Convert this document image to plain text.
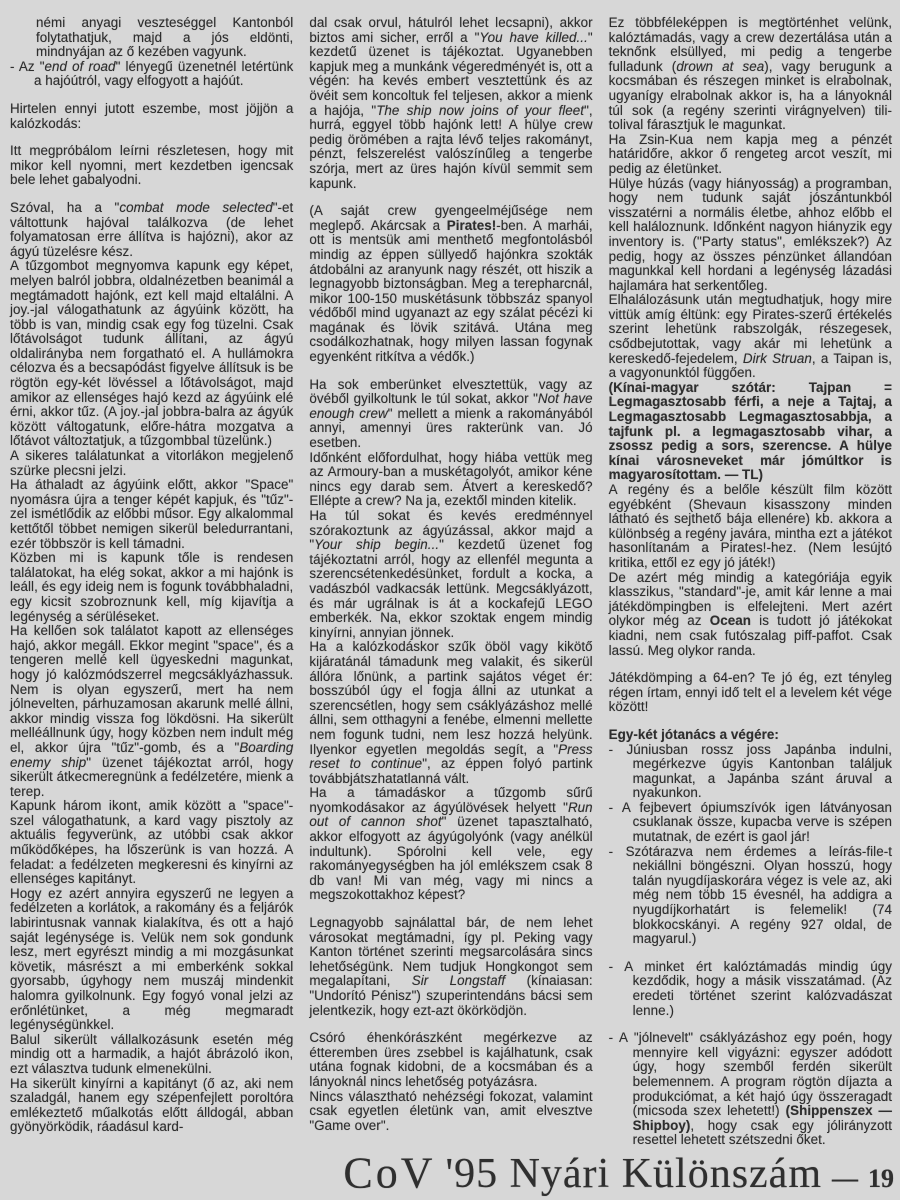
némi anyagi veszteséggel Kantonból folytathatjuk, majd a jós eldönti, mindnyájan az ő kezében vagyunk.

- Az "end of road" lényegű üzenetnél letértünk a hajóútról, vagy elfogyott a hajóút.

Hirtelen ennyi jutott eszembe, most jöjjön a kalózkodás:

Itt megpróbálom leírni részletesen, hogy mit mikor kell nyomni, mert kezdetben igencsak bele lehet gabalyodni.

Szóval, ha a "combat mode selected"-et váltottunk hajóval találkozva (de lehet folyamatosan erre állítva is hajózni), akor az ágyú tüzelésre kész.

A tűzgombot megnyomva kapunk egy képet, melyen balról jobbra, oldalnézetben beanimál a megtámadott hajónk, ezt kell majd eltalálni. A joy.-jal válogathatunk az ágyúink között, ha több is van, mindig csak egy fog tüzelni. Csak lőtávolságot tudunk állítani, az ágyú oldalirányba nem forgatható el. A hullámokra célozva és a becsapódást figyelve állítsuk is be rögtön egy-két lövéssel a lőtávolságot, majd amikor az ellenséges hajó kezd az ágyúink elé érni, akkor tűz. (A joy.-jal jobbra-balra az ágyúk között váltogatunk, előre-hátra mozgatva a lőtávot változtatjuk, a tűzgombbal tüzelünk.)

A sikeres találatunkat a vitorlákon megjelenő szürke plecsni jelzi.

Ha áthaladt az ágyúink előtt, akkor "Space" nyomásra újra a tenger képét kapjuk, és "tűz"-zel ismétlődik az előbbi műsor. Egy alkalommal kettőtől többet nemigen sikerül beledurrantani, ezér többször is kell támadni.

Közben mi is kapunk tőle is rendesen találatokat, ha elég sokat, akkor a mi hajónk is leáll, és egy ideig nem is fogunk továbbhaladni, egy kicsit szobroznunk kell, míg kijavítja a legénység a sérüléseket.

Ha kellően sok találatot kapott az ellenséges hajó, akkor megáll. Ekkor megint "space", és a tengeren mellé kell ügyeskedni magunkat, hogy jó kalózmódszerrel megcsáklyázhassuk. Nem is olyan egyszerű, mert ha nem jólnevelten, párhuzamosan akarunk mellé állni, akkor mindig vissza fog lökdösni. Ha sikerült melléállnunk úgy, hogy közben nem indult még el, akkor újra "tűz"-gomb, és a "Boarding enemy ship" üzenet tájékoztat arról, hogy sikerült átkecmeregnünk a fedélzetére, mienk a terep.

Kapunk három ikont, amik között a "space"-szel válogathatunk, a kard vagy pisztoly az aktuális fegyverünk, az utóbbi csak akkor működőképes, ha lőszerünk is van hozzá. A feladat: a fedélzeten megkeresni és kinyírni az ellenséges kapitányt.

Hogy ez azért annyira egyszerű ne legyen a fedélzeten a korlátok, a rakomány és a feljárók labirintusnak vannak kialakítva, és ott a hajó saját legénysége is. Velük nem sok gondunk lesz, mert egyrészt mindig a mi mozgásunkat követik, másrészt a mi emberkénk sokkal gyorsabb, úgyhogy nem muszáj mindenkit halomra gyilkolnunk. Egy fogyó vonal jelzi az erőnlétünket, a még megmaradt legénységünkkel.

Balul sikerült vállalkozásunk esetén még mindig ott a harmadik, a hajót ábrázoló ikon, ezt választva tudunk elmenekülni.

Ha sikerült kinyírni a kapitányt (ő az, aki nem szaladgál, hanem egy szépenfejlett poroltóra emlékeztető műalkotás előtt álldogál, abban gyönyörködik, ráadásul kard-

dal csak orvul, hátulról lehet lecsapni), akkor biztos ami sicher, erről a "You have killed..." kezdetű üzenet is tájékoztat. Ugyanebben kapjuk meg a munkánk végeredményét is, ott a végén: ha kevés embert vesztettünk és az övéit sem koncoltuk fel teljesen, akkor a mienk a hajója, "The ship now joins of your fleet", hurrá, eggyel több hajónk lett! A hülye crew pedig örömében a rajta lévő teljes rakományt, pénzt, felszerelést valószínűleg a tengerbe szórja, mert az üres hajón kívül semmit sem kapunk.

(A saját crew gyengeelméjűsége nem meglepő. Akárcsak a Pirates!-ben. A marhái, ott is mentsük ami menthető megfontolásból mindig az éppen süllyedő hajónkra szokták átdobálni az aranyunk nagy részét, ott hiszik a legnagyobb biztonságban. Meg a terepharcnál, mikor 100-150 muskétásunk többszáz spanyol védőből mind ugyanazt az egy szálat pécézi ki magának és lövik szitává. Utána meg csodálkozhatnak, hogy milyen lassan fogynak egyenként ritkítva a védők.)

Ha sok emberünket elvesztettük, vagy az övéből gyilkoltunk le túl sokat, akkor "Not have enough crew" mellett a mienk a rakományából annyi, amennyi üres rakterünk van. Jó esetben.

Időnként előfordulhat, hogy hiába vettük meg az Armoury-ban a muskétagolyót, amikor kéne nincs egy darab sem. Átvert a kereskedő? Ellépte a crew? Na ja, ezektől minden kitelik.

Ha túl sokat és kevés eredménnyel szórakoztunk az ágyúzással, akkor majd a "Your ship begin..." kezdetű üzenet fog tájékoztatni arról, hogy az ellenfél megunta a szerencsétenkedésünket, fordult a kocka, a vadászból vadkacsák lettünk. Megcsáklyázott, és már ugrálnak is át a kockafejű LEGO emberkék. Na, ekkor szoktak engem mindig kinyírni, annyian jönnek.

Ha a kalózkodáskor szűk öböl vagy kikötő kijáratánál támadunk meg valakit, és sikerül állóra lőnünk, a partink sajátos véget ér: bosszúból úgy el fogja állni az utunkat a szerencsétlen, hogy sem csáklyázáshoz mellé állni, sem otthagyni a fenébe, elmenni mellette nem fogunk tudni, nem lesz hozzá helyünk. Ilyenkor egyetlen megoldás segít, a "Press reset to continue", az éppen folyó partink továbbjátszhatatlanná vált.

Ha a támadáskor a tűzgomb sűrű nyomkodásakor az ágyúlövések helyett "Run out of cannon shot" üzenet tapasztalható, akkor elfogyott az ágyúgolyónk (vagy anélkül indultunk). Spórolni kell vele, egy rakományegységben ha jól emlékszem csak 8 db van! Mi van még, vagy mi nincs a megszokottakhoz képest?

Legnagyobb sajnálattal bár, de nem lehet városokat megtámadni, így pl. Peking vagy Kanton történet szerinti megsarcolására sincs lehetőségünk. Nem tudjuk Hongkongot sem megalapítani, Sir Longstaff (kínaiasan: "Undorító Pénisz") szuperintendáns bácsi sem jelentkezik, hogy ezt-azt ökörködjön.

Csóró éhenkórászként megérkezve az étteremben üres zsebbel is kajálhatunk, csak utána fognak kidobni, de a kocsmában és a lányoknál nincs lehetőség potyázásra.

Nincs választható nehézségi fokozat, valamint csak egyetlen életünk van, amit elvesztve "Game over".

Ez többféleképpen is megtörténhet velünk, kalóztámadás, vagy a crew dezertálása után a teknőnk elsüllyed, mi pedig a tengerbe fulladunk (drown at sea), vagy berugunk a kocsmában és részegen minket is elrabolnak, ugyanígy elrabolnak akkor is, ha a lányoknál túl sok (a regény szerinti virágnyelven) tili-tolival fárasztjuk le magunkat.

Ha Zsin-Kua nem kapja meg a pénzét határidőre, akkor ő rengeteg arcot veszít, mi pedig az életünket.

Hülye húzás (vagy hiányosság) a programban, hogy nem tudunk saját jószántunkból visszatérni a normális életbe, ahhoz előbb el kell haláloznunk. Időnként nagyon hiányzik egy inventory is. ("Party status", emlékszek?) Az pedig, hogy az összes pénzünket állandóan magunkkal kell hordani a legénység lázadási hajlamára hat serkentőleg.

Elhalálozásunk után megtudhatjuk, hogy mire vittük amíg éltünk: egy Pirates-szerű értékelés szerint lehetünk rabszolgák, részegesek, csődbejutottak, vagy akár mi lehetünk a kereskedő-fejedelem, Dirk Struan, a Taipan is, a vagyonunktól függően.

(Kínai-magyar szótár: Tajpan = Legmagasztosabb férfi, a neje a Tajtaj, a Legmagasztosabb Legmagasztosabbja, a tajfunk pl. a legmagasztosabb vihar, a zsossz pedig a sors, szerencse. A hülye kínai városneveket már jómúltkor is magyarosítottam. — TL)

A regény és a belőle készült film között egyébként (Shevaun kisasszony minden látható és sejthető bája ellenére) kb. akkora a különbség a regény javára, mintha ezt a játékot hasonlítanám a Pirates!-hez. (Nem lesújtó kritika, ettől ez egy jó játék!)

De azért még mindig a kategóriája egyik klasszikus, "standard"-je, amit kár lenne a mai játékdömpingben is elfelejteni. Mert azért olykor még az Ocean is tudott jó játékokat kiadni, nem csak futószalag piff-paffot. Csak lassú. Meg olykor randa.

Játékdömping a 64-en? Te jó ég, ezt tényleg régen írtam, ennyi idő telt el a levelem két vége között!

Egy-két jótanács a végére:

- Júniusban rossz joss Japánba indulni, megérkezve úgyis Kantonban találjuk magunkat, a Japánba szánt áruval a nyakunkon.

- A fejbevert ópiumszívók igen látványosan csuklanak össze, kupacba verve is szépen mutatnak, de ezért is gaol jár!

- Szótárazva nem érdemes a leírás-file-t nekiállni böngészni. Olyan hosszú, hogy talán nyugdíjaskorára végez is vele az, aki még nem több 15 évesnél, ha addigra a nyugdíjkorhatárt is felemelik! (74 blokkocskányi. A regény 927 oldal, de magyarul.)

- A minket ért kalóztámadás mindig úgy kezdődik, hogy a másik visszatámad. (Az eredeti történet szerint kalózvadászat lenne.)

- A "jólnevelt" csáklyázáshoz egy poén, hogy mennyire kell vigyázni: egyszer adódott úgy, hogy szemből ferdén sikerült belemennem. A program rögtön díjazta a produkciómat, a két hajó úgy összeragadt (micsoda szex lehetett!) (Shippenszex — Shipboy), hogy csak egy jólirányzott resettel lehetett szétszedni őket.

CoV '95 Nyári Különszám — 19
